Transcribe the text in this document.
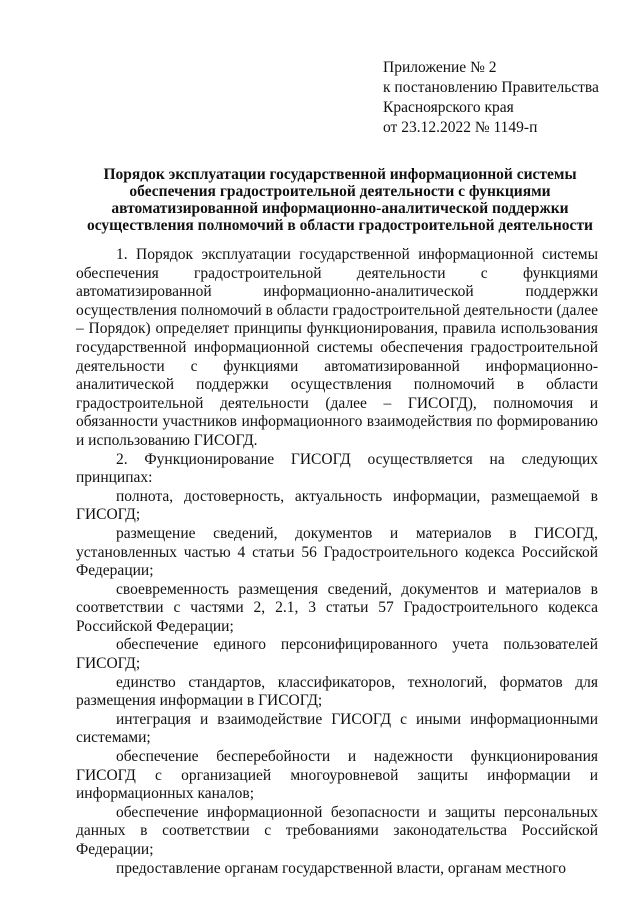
Приложение № 2
к постановлению Правительства
Красноярского края
от 23.12.2022 № 1149-п
Порядок эксплуатации государственной информационной системы
обеспечения градостроительной деятельности с функциями
автоматизированной информационно-аналитической поддержки
осуществления полномочий в области градостроительной деятельности

1. Порядок эксплуатации государственной информационной системы обеспечения градостроительной деятельности с функциями автоматизированной информационно-аналитической поддержки осуществления полномочий в области градостроительной деятельности (далее – Порядок) определяет принципы функционирования, правила использования государственной информационной системы обеспечения градостроительной деятельности с функциями автоматизированной информационно-аналитической поддержки осуществления полномочий в области градостроительной деятельности (далее – ГИСОГД), полномочия и обязанности участников информационного взаимодействия по формированию и использованию ГИСОГД.

2. Функционирование ГИСОГД осуществляется на следующих принципах:

полнота, достоверность, актуальность информации, размещаемой в ГИСОГД;

размещение сведений, документов и материалов в ГИСОГД, установленных частью 4 статьи 56 Градостроительного кодекса Российской Федерации;

своевременность размещения сведений, документов и материалов в соответствии с частями 2, 2.1, 3 статьи 57 Градостроительного кодекса Российской Федерации;

обеспечение единого персонифицированного учета пользователей ГИСОГД;

единство стандартов, классификаторов, технологий, форматов для размещения информации в ГИСОГД;

интеграция и взаимодействие ГИСОГД с иными информационными системами;

обеспечение бесперебойности и надежности функционирования ГИСОГД с организацией многоуровневой защиты информации и информационных каналов;

обеспечение информационной безопасности и защиты персональных данных в соответствии с требованиями законодательства Российской Федерации;

предоставление органам государственной власти, органам местного
